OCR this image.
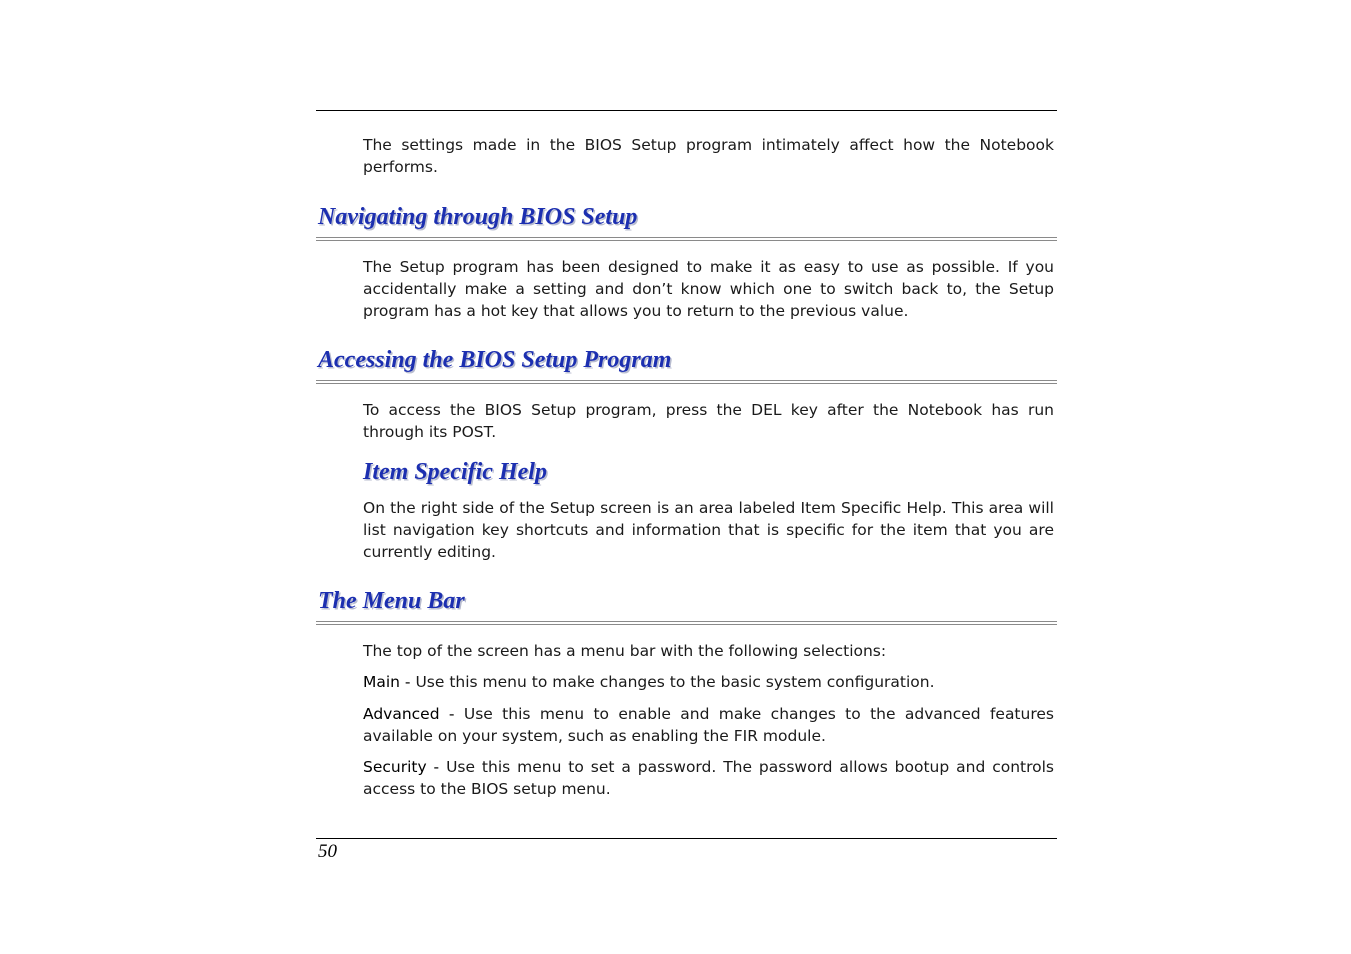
The settings made in the BIOS Setup program intimately affect how the Notebook performs.

Navigating through BIOS Setup

The Setup program has been designed to make it as easy to use as possible. If you accidentally make a setting and don’t know which one to switch back to, the Setup program has a hot key that allows you to return to the previous value.

Accessing the BIOS Setup Program

To access the BIOS Setup program, press the DEL key after the Notebook has run through its POST.

Item Specific Help

On the right side of the Setup screen is an area labeled Item Specific Help. This area will list navigation key shortcuts and information that is specific for the item that you are currently editing.

The Menu Bar

The top of the screen has a menu bar with the following selections:

Main - Use this menu to make changes to the basic system configuration.

Advanced - Use this menu to enable and make changes to the advanced features available on your system, such as enabling the FIR module.

Security - Use this menu to set a password. The password allows bootup and controls access to the BIOS setup menu.

50
